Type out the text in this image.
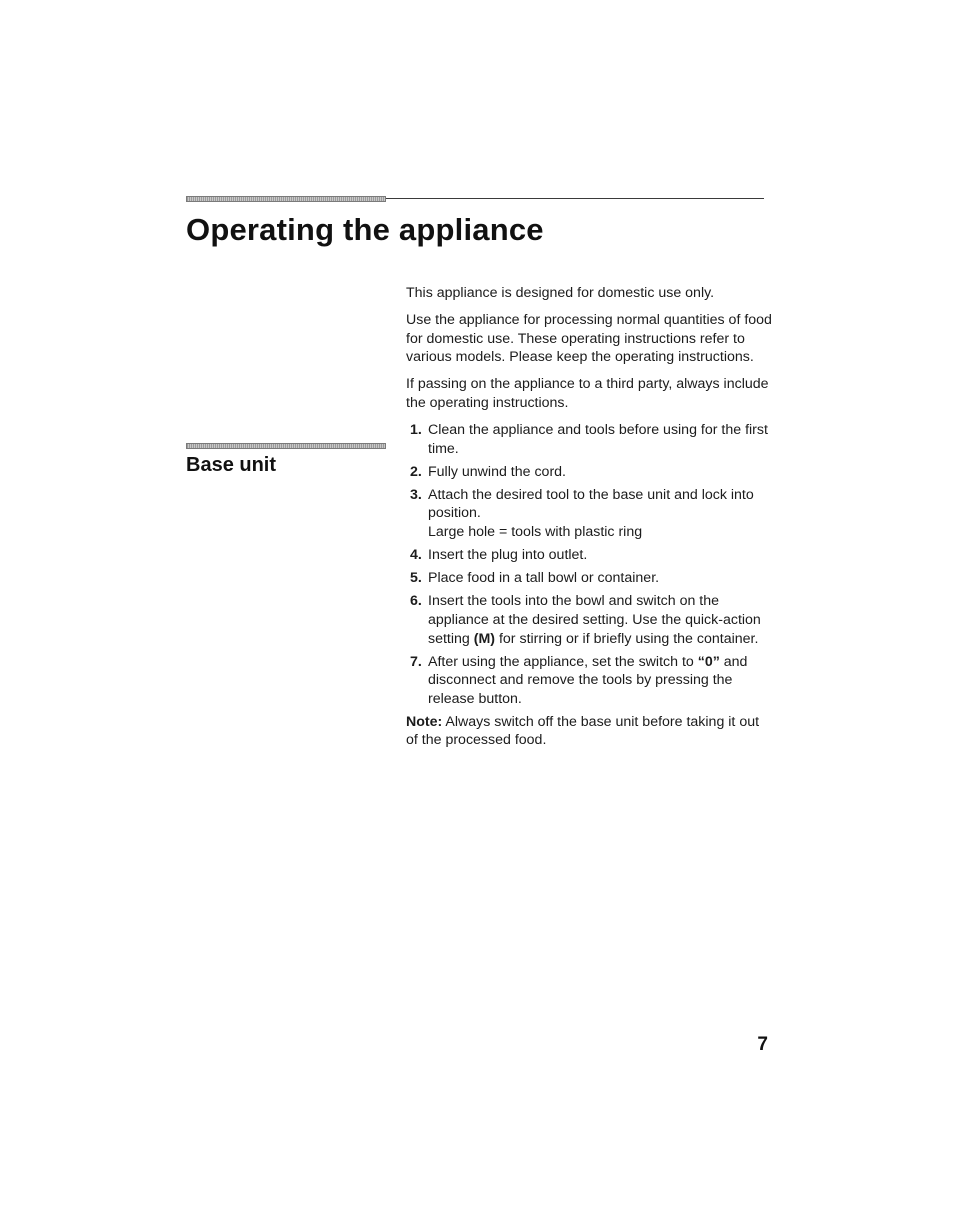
Operating the appliance
Base unit

This appliance is designed for domestic use only.

Use the appliance for processing normal quantities of food for domestic use. These operating instructions refer to various models. Please keep the operating instructions.

If passing on the appliance to a third party, always include the operating instructions.

1. Clean the appliance and tools before using for the first time.
2. Fully unwind the cord.
3. Attach the desired tool to the base unit and lock into position.
Large hole = tools with plastic ring
4. Insert the plug into outlet.
5. Place food in a tall bowl or container.
6. Insert the tools into the bowl and switch on the appliance at the desired setting. Use the quick-action setting (M) for stirring or if briefly using the container.
7. After using the appliance, set the switch to “0” and disconnect and remove the tools by pressing the release button.

Note: Always switch off the base unit before taking it out of the processed food.

7
